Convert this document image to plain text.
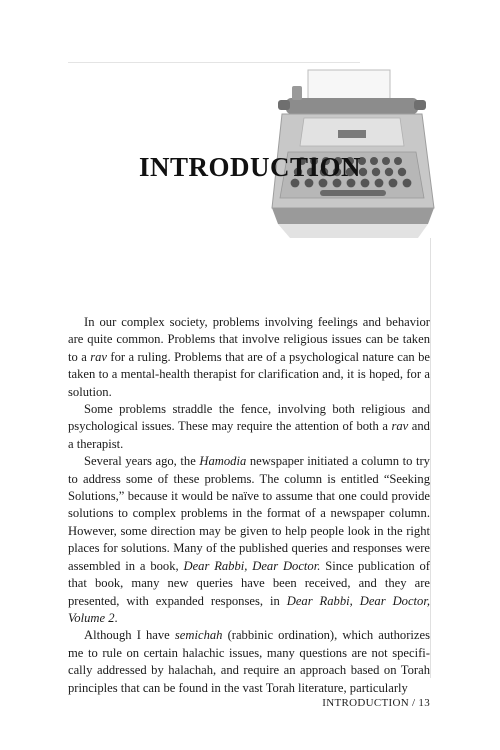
INTRODUCTION

In our complex society, problems involving feelings and behavior are quite common. Problems that involve religious issues can be taken to a rav for a ruling. Problems that are of a psychological nature can be taken to a mental-health therapist for clarification and, it is hoped, for a solution.

Some problems straddle the fence, involving both religious and psychological issues. These may require the attention of both a rav and a therapist.

Several years ago, the Hamodia newspaper initiated a column to try to address some of these problems. The column is entitled “Seeking Solutions,” because it would be naïve to assume that one could provide solutions to complex problems in the format of a newspaper column. However, some direction may be given to help people look in the right places for solutions. Many of the published queries and responses were assembled in a book, Dear Rabbi, Dear Doctor. Since publication of that book, many new queries have been received, and they are presented, with expanded responses, in Dear Rabbi, Dear Doctor, Volume 2.

Although I have semichah (rabbinic ordination), which authorizes me to rule on certain halachic issues, many questions are not specifically addressed by halachah, and require an approach based on Torah principles that can be found in the vast Torah literature, particularly

INTRODUCTION / 13
